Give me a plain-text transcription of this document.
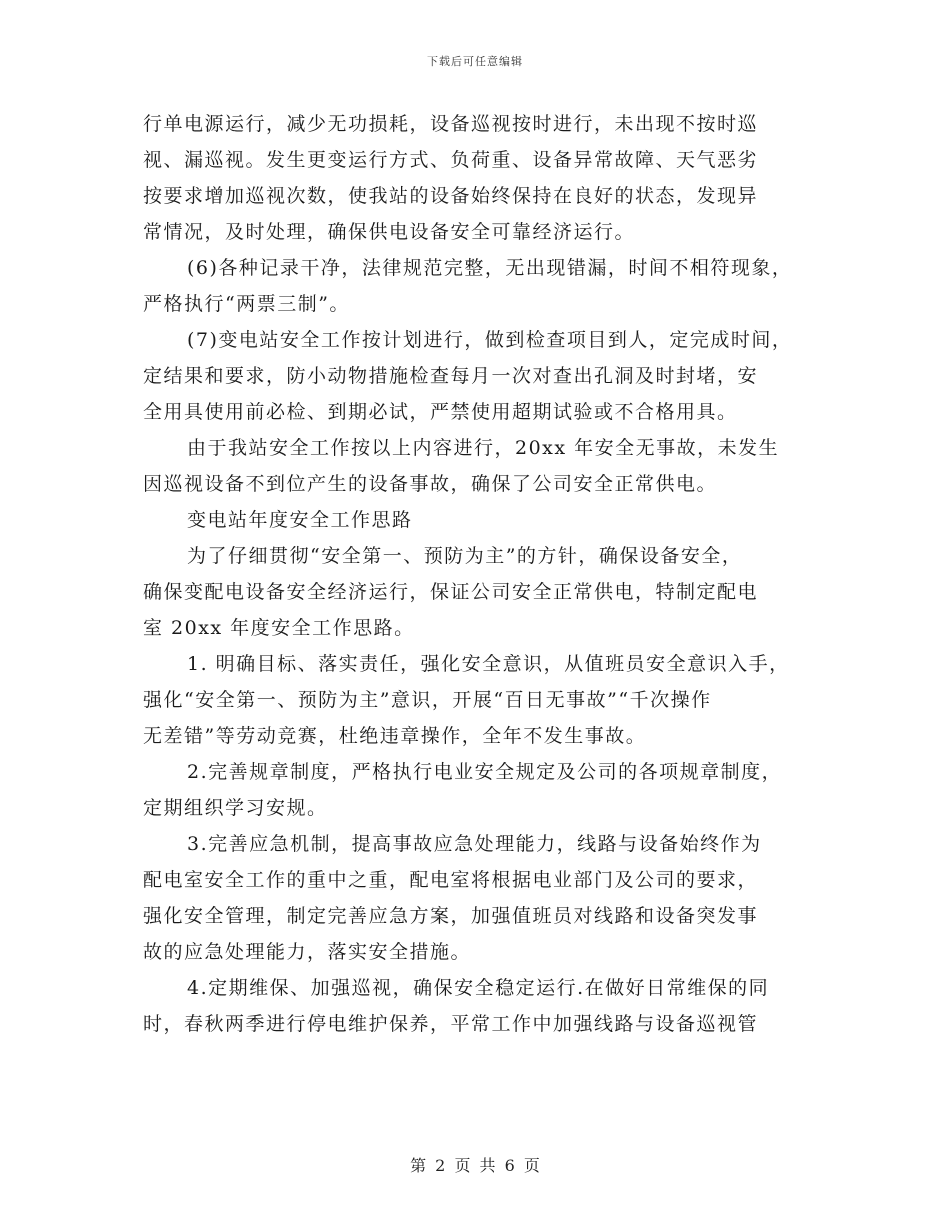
下载后可任意编辑
行单电源运行，减少无功损耗，设备巡视按时进行，未出现不按时巡
视、漏巡视。发生更变运行方式、负荷重、设备异常故障、天气恶劣
按要求增加巡视次数，使我站的设备始终保持在良好的状态，发现异
常情况，及时处理，确保供电设备安全可靠经济运行。
(6)各种记录干净，法律规范完整，无出现错漏，时间不相符现象，
严格执行“两票三制”。
(7)变电站安全工作按计划进行，做到检查项目到人，定完成时间，
定结果和要求，防小动物措施检查每月一次对查出孔洞及时封堵，安
全用具使用前必检、到期必试，严禁使用超期试验或不合格用具。
由于我站安全工作按以上内容进行，20xx 年安全无事故，未发生
因巡视设备不到位产生的设备事故，确保了公司安全正常供电。
变电站年度安全工作思路
为了仔细贯彻“安全第一、预防为主”的方针，确保设备安全，
确保变配电设备安全经济运行，保证公司安全正常供电，特制定配电
室 20xx 年度安全工作思路。
1. 明确目标、落实责任，强化安全意识，从值班员安全意识入手，
强化“安全第一、预防为主”意识，开展“百日无事故”“千次操作
无差错”等劳动竞赛，杜绝违章操作，全年不发生事故。
2.完善规章制度，严格执行电业安全规定及公司的各项规章制度，
定期组织学习安规。
3.完善应急机制，提高事故应急处理能力，线路与设备始终作为
配电室安全工作的重中之重，配电室将根据电业部门及公司的要求，
强化安全管理，制定完善应急方案，加强值班员对线路和设备突发事
故的应急处理能力，落实安全措施。
4.定期维保、加强巡视，确保安全稳定运行.在做好日常维保的同
时，春秋两季进行停电维护保养，平常工作中加强线路与设备巡视管
第 2 页 共 6 页
